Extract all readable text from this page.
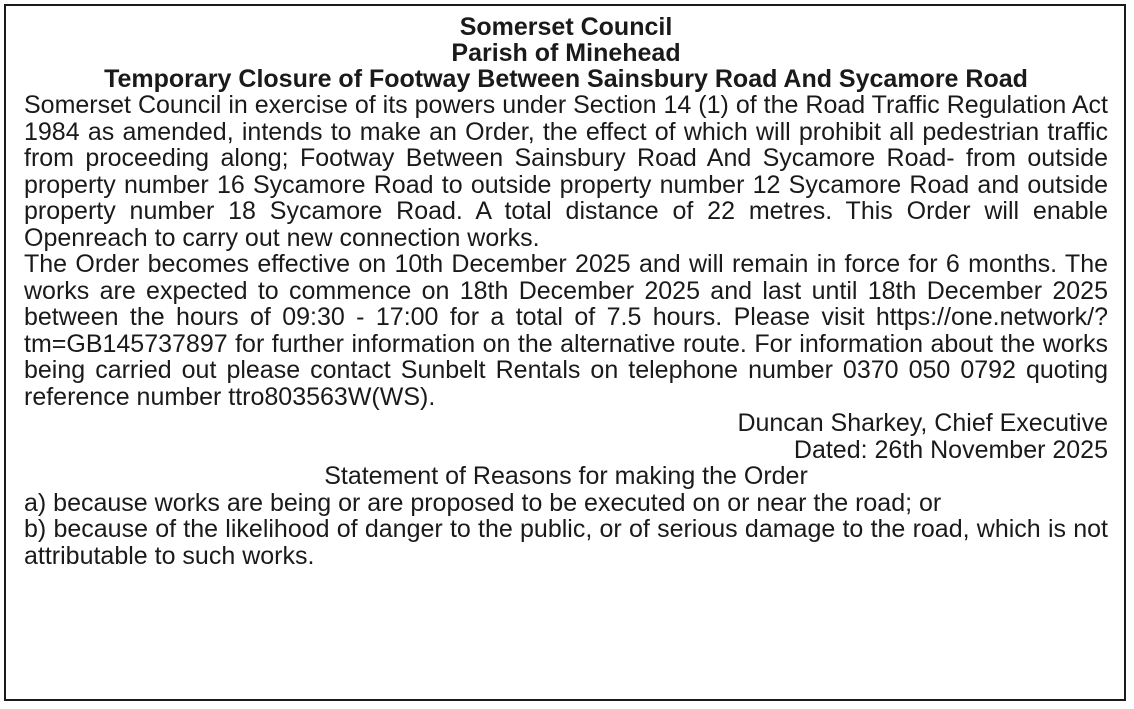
Somerset Council

Parish of Minehead

Temporary Closure of Footway Between Sainsbury Road And Sycamore Road

Somerset Council in exercise of its powers under Section 14 (1) of the Road Traffic Regulation Act 1984 as amended, intends to make an Order, the effect of which will prohibit all pedestrian traffic from proceeding along; Footway Between Sainsbury Road And Sycamore Road- from outside property number 16 Sycamore Road to outside property number 12 Sycamore Road and outside property number 18 Sycamore Road. A total distance of 22 metres. This Order will enable Openreach to carry out new connection works.

The Order becomes effective on 10th December 2025 and will remain in force for 6 months. The works are expected to commence on 18th December 2025 and last until 18th December 2025 between the hours of 09:30 - 17:00 for a total of 7.5 hours. Please visit https://one.network/?tm=GB145737897 for further information on the alternative route. For information about the works being carried out please contact Sunbelt Rentals on telephone number 0370 050 0792 quoting reference number ttro803563W(WS).

Duncan Sharkey, Chief Executive

Dated: 26th November 2025

Statement of Reasons for making the Order

a) because works are being or are proposed to be executed on or near the road; or

b) because of the likelihood of danger to the public, or of serious damage to the road, which is not attributable to such works.
